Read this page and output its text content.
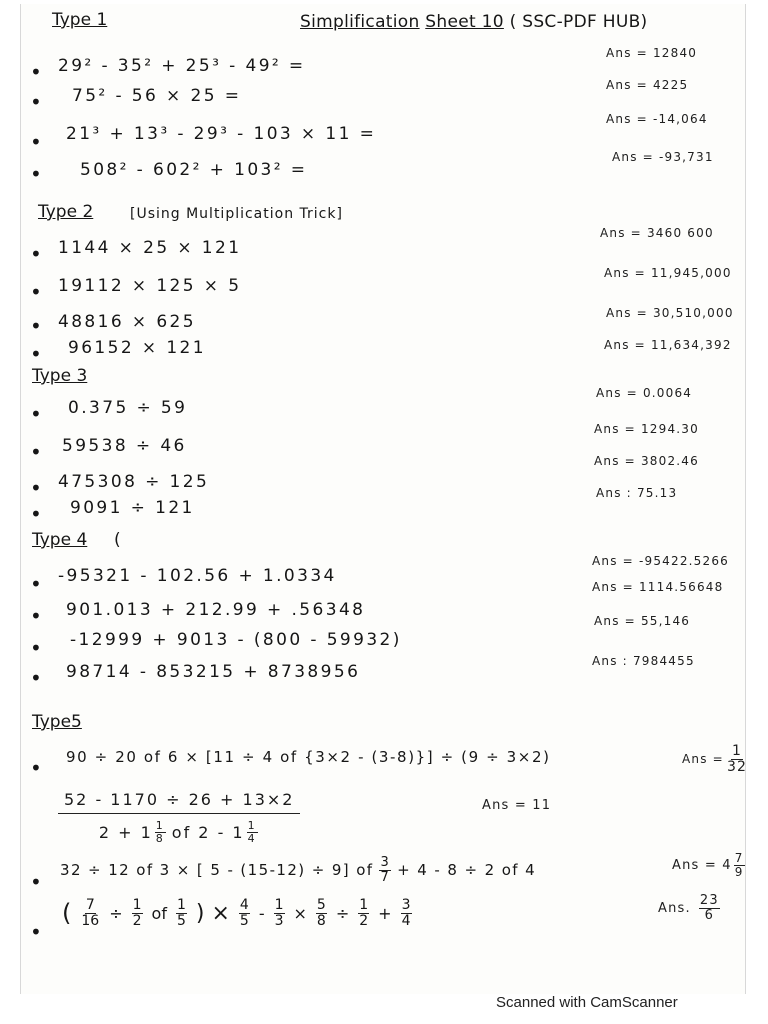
Type 1	Simplification Sheet 10 ( SSC-PDF HUB)
• 29² - 35² + 25³ - 49² =
Ans = 12840
• 75² - 56 × 25 =
Ans = 4225
• 21³ + 13³ - 29³ - 103 × 11 =
Ans = -14,064
• 508² - 602² + 103² =
Ans = -93,731
Type 2	[Using Multiplication Trick]
• 1144 × 25 × 121
Ans = 3460 600
• 19112 × 125 × 5
Ans = 11,945,000
• 48816 × 625	Ans = 30,510,000
• 96152 × 121	Ans = 11,634,392
Type 3
• 0.375 ÷ 59
Ans = 0.0064
• 59538 ÷ 46
Ans = 1294.30
• 475308 ÷ 125
Ans = 3802.46
• 9091 ÷ 121
Ans : 75.13
Type 4 (
• -95321 - 102.56 + 1.0334
Ans = -95422.5266
• 901.013 + 212.99 + .56348
Ans = 1114.56648
• -12999 + 9013 - (800 - 59932)
Ans = 55,146
• 98714 - 853215 + 8738956
Ans : 7984455
Type5
• 90 ÷ 20 of 6 × [11 ÷ 4 of {3×2 - (3-8)}] ÷ (9 ÷ 3×2)	Ans = $\frac{1}{32}$
52 - 1170 ÷ 26 + 13×2
$2 + 1 \frac{1}{8}$ of $2 - 1 \frac{1}{4}$
Ans = 11
• 32 ÷ 12 of 3 × [ 5 - (15-12) ÷ 9] of $\frac{3}{7} + 4 - 8 \div 2$ of 4	Ans = $4 \frac{7}{9}$
•
( $\frac{7}{16} \div \frac{1}{2}$ of $\frac{1}{5}$ ) × $\frac{4}{5} - \frac{1}{3} \times \frac{5}{8} \div \frac{1}{2} + \frac{3}{4}$	Ans. $\frac{23}{6}$
Scanned with CamScanner
